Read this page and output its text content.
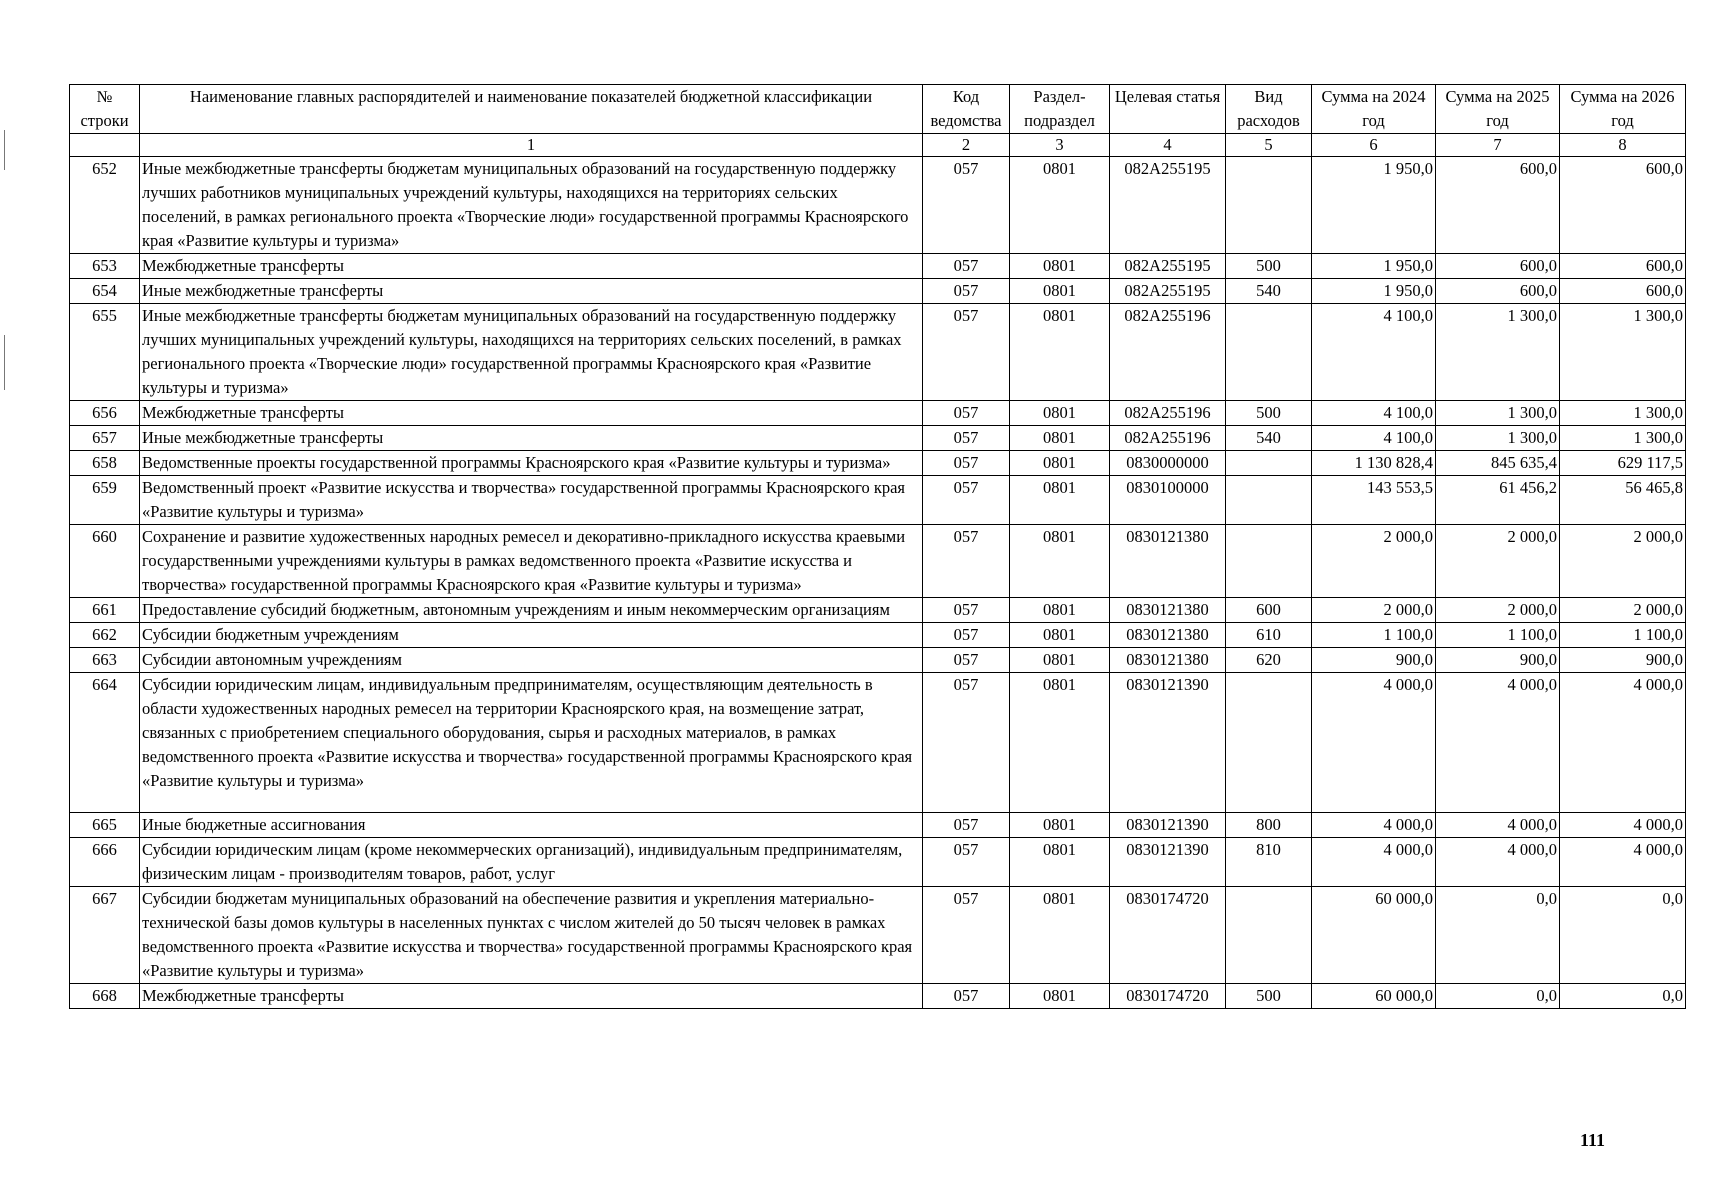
№ строки	Наименование главных распорядителей и наименование показателей бюджетной классификации	Код ведомства	Раздел-подраздел	Целевая статья	Вид расходов	Сумма на 2024 год	Сумма на 2025 год	Сумма на 2026 год
	1	2	3	4	5	6	7	8
652	Иные межбюджетные трансферты бюджетам муниципальных образований на государственную поддержку лучших работников муниципальных учреждений культуры, находящихся на территориях сельских поселений, в рамках регионального проекта «Творческие люди» государственной программы Красноярского края «Развитие культуры и туризма»	057	0801	082А255195		1 950,0	600,0	600,0
653	Межбюджетные трансферты	057	0801	082А255195	500	1 950,0	600,0	600,0
654	Иные межбюджетные трансферты	057	0801	082А255195	540	1 950,0	600,0	600,0
655	Иные межбюджетные трансферты бюджетам муниципальных образований на государственную поддержку лучших муниципальных учреждений культуры, находящихся на территориях сельских поселений, в рамках регионального проекта «Творческие люди» государственной программы Красноярского края «Развитие культуры и туризма»	057	0801	082А255196		4 100,0	1 300,0	1 300,0
656	Межбюджетные трансферты	057	0801	082А255196	500	4 100,0	1 300,0	1 300,0
657	Иные межбюджетные трансферты	057	0801	082А255196	540	4 100,0	1 300,0	1 300,0
658	Ведомственные проекты государственной программы Красноярского края «Развитие культуры и туризма»	057	0801	0830000000		1 130 828,4	845 635,4	629 117,5
659	Ведомственный проект «Развитие искусства и творчества» государственной программы Красноярского края «Развитие культуры и туризма»	057	0801	0830100000		143 553,5	61 456,2	56 465,8
660	Сохранение и развитие художественных народных ремесел и декоративно-прикладного искусства краевыми государственными учреждениями культуры в рамках ведомственного проекта «Развитие искусства и творчества» государственной программы Красноярского края «Развитие культуры и туризма»	057	0801	0830121380		2 000,0	2 000,0	2 000,0
661	Предоставление субсидий бюджетным, автономным учреждениям и иным некоммерческим организациям	057	0801	0830121380	600	2 000,0	2 000,0	2 000,0
662	Субсидии бюджетным учреждениям	057	0801	0830121380	610	1 100,0	1 100,0	1 100,0
663	Субсидии автономным учреждениям	057	0801	0830121380	620	900,0	900,0	900,0
664	Субсидии юридическим лицам, индивидуальным предпринимателям, осуществляющим деятельность в области художественных народных ремесел на территории Красноярского края, на возмещение затрат, связанных с приобретением специального оборудования, сырья и расходных материалов, в рамках ведомственного проекта «Развитие искусства и творчества» государственной программы Красноярского края «Развитие культуры и туризма»	057	0801	0830121390		4 000,0	4 000,0	4 000,0
665	Иные бюджетные ассигнования	057	0801	0830121390	800	4 000,0	4 000,0	4 000,0
666	Субсидии юридическим лицам (кроме некоммерческих организаций), индивидуальным предпринимателям, физическим лицам - производителям товаров, работ, услуг	057	0801	0830121390	810	4 000,0	4 000,0	4 000,0
667	Субсидии бюджетам муниципальных образований на обеспечение развития и укрепления материально-технической базы домов культуры в населенных пунктах с числом жителей до 50 тысяч человек в рамках ведомственного проекта «Развитие искусства и творчества» государственной программы Красноярского края «Развитие культуры и туризма»	057	0801	0830174720		60 000,0	0,0	0,0
668	Межбюджетные трансферты	057	0801	0830174720	500	60 000,0	0,0	0,0
111
